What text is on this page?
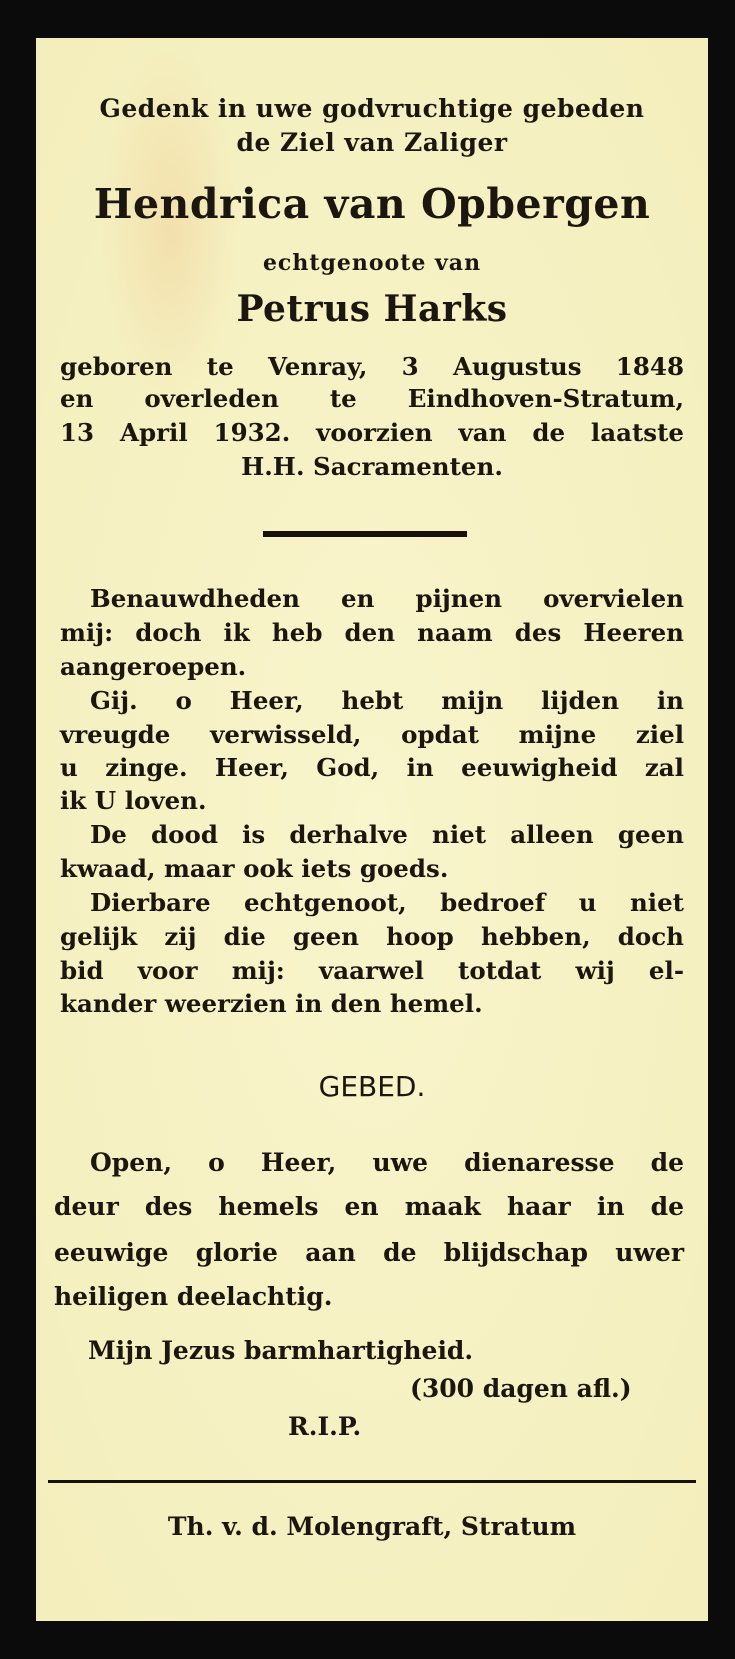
Gedenk in uwe godvruchtige gebeden
de Ziel van Zaliger
Hendrica van Opbergen
echtgenoote van
Petrus Harks
geboren te Venray, 3 Augustus 1848
en overleden te Eindhoven-Stratum,
13 April 1932. voorzien van de laatste
H.H. Sacramenten.
Benauwdheden en pijnen overvielen
mij: doch ik heb den naam des Heeren
aangeroepen.
Gij. o Heer, hebt mijn lijden in
vreugde verwisseld, opdat mijne ziel
u zinge. Heer, God, in eeuwigheid zal
ik U loven.
De dood is derhalve niet alleen geen
kwaad, maar ook iets goeds.
Dierbare echtgenoot, bedroef u niet
gelijk zij die geen hoop hebben, doch
bid voor mij: vaarwel totdat wij el-
kander weerzien in den hemel.
GEBED.
Open, o Heer, uwe dienaresse de
deur des hemels en maak haar in de
eeuwige glorie aan de blijdschap uwer
heiligen deelachtig.
Mijn Jezus barmhartigheid.
(300 dagen afl.)
R.I.P.
Th. v. d. Molengraft, Stratum
